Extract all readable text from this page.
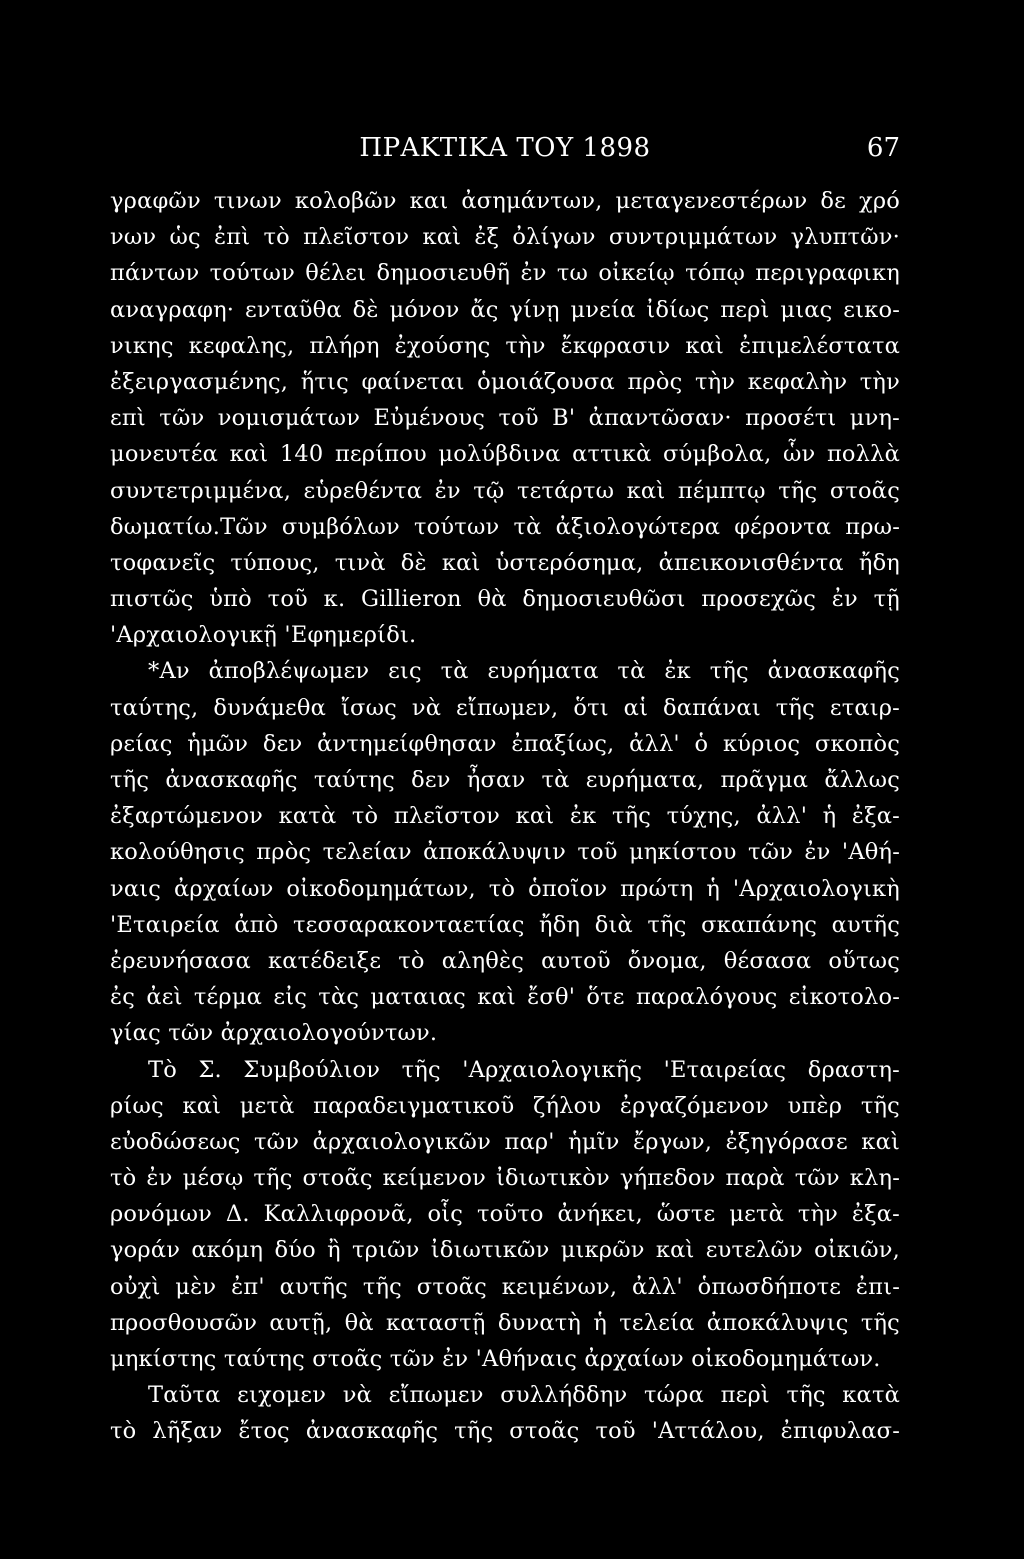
ΠΡΑΚΤΙΚΑ ΤΟΥ 1898	67
γραφῶν τινων κολοβῶν και ἀσημάντων, μεταγενεστέρων δε χρό
νων ὡς ἐπὶ τὸ πλεῖστον καὶ ἐξ ὀλίγων συντριμμάτων γλυπτῶν·
πάντων τούτων θέλει δημοσιευθῆ ἐν τω οἰκείῳ τόπῳ περιγραφικη
αναγραφη· ενταῦθα δὲ μόνον ἄς γίνῃ μνεία ἰδίως περὶ μιας εικο-
νικης κεφαλης, πλήρη ἐχούσης τὴν ἔκφρασιν καὶ ἐπιμελέστατα
ἐξειργασμένης, ἥτις φαίνεται ὁμοιάζουσα πρὸς τὴν κεφαλὴν τὴν
επὶ τῶν νομισμάτων Εὐμένους τοῦ Β' ἀπαντῶσαν· προσέτι μνη-
μονευτέα καὶ 140 περίπου μολύβδινα αττικὰ σύμβολα, ὧν πολλὰ
συντετριμμένα, εὑρεθέντα ἐν τῷ τετάρτω καὶ πέμπτῳ τῆς στοᾶς
δωματίω.Τῶν συμβόλων τούτων τὰ ἀξιολογώτερα φέροντα πρω-
τοφανεῖς τύπους, τινὰ δὲ καὶ ὑστερόσημα, ἀπεικονισθέντα ἤδη
πιστῶς ὑπὸ τοῦ κ. Gillieron θὰ δημοσιευθῶσι προσεχῶς ἐν τῇ
'Αρχαιολογικῇ 'Εφημερίδι.
*Αν ἀποβλέψωμεν εις τὰ ευρήματα τὰ ἐκ τῆς ἀνασκαφῆς
ταύτης, δυνάμεθα ἴσως νὰ εἴπωμεν, ὅτι αἱ δαπάναι τῆς εταιρ-
ρείας ἡμῶν δεν ἀντημείφθησαν ἐπαξίως, ἀλλ' ὁ κύριος σκοπὸς
τῆς ἀνασκαφῆς ταύτης δεν ἦσαν τὰ ευρήματα, πρᾶγμα ἄλλως
ἐξαρτώμενον κατὰ τὸ πλεῖστον καὶ ἐκ τῆς τύχης, ἀλλ' ἡ ἐξα-
κολούθησις πρὸς τελείαν ἀποκάλυψιν τοῦ μηκίστου τῶν ἐν 'Αθή-
ναις ἀρχαίων οἰκοδομημάτων, τὸ ὁποῖον πρώτη ἡ 'Αρχαιολογικὴ
'Εταιρεία ἀπὸ τεσσαρακονταετίας ἤδη διὰ τῆς σκαπάνης αυτῆς
ἐρευνήσασα κατέδειξε τὸ αληθὲς αυτοῦ ὄνομα, θέσασα οὕτως
ἐς ἀεὶ τέρμα εἰς τὰς ματαιας καὶ ἔσθ' ὅτε παραλόγους εἰκοτολο-
γίας τῶν ἀρχαιολογούντων.
Τὸ Σ. Συμβούλιον τῆς 'Αρχαιολογικῆς 'Εταιρείας δραστη-
ρίως καὶ μετὰ παραδειγματικοῦ ζήλου ἐργαζόμενον υπὲρ τῆς
εὐοδώσεως τῶν ἀρχαιολογικῶν παρ' ἡμῖν ἔργων, ἐξηγόρασε καὶ
τὸ ἐν μέσῳ τῆς στοᾶς κείμενον ἰδιωτικὸν γήπεδον παρὰ τῶν κλη-
ρονόμων Δ. Καλλιφρονᾶ, οἷς τοῦτο ἀνήκει, ὥστε μετὰ τὴν ἐξα-
γοράν ακόμη δύο ἢ τριῶν ἰδιωτικῶν μικρῶν καὶ ευτελῶν οἰκιῶν,
οὐχὶ μὲν ἐπ' αυτῆς τῆς στοᾶς κειμένων, ἀλλ' ὁπωσδήποτε ἐπι-
προσθουσῶν αυτῇ, θὰ καταστῇ δυνατὴ ἡ τελεία ἀποκάλυψις τῆς
μηκίστης ταύτης στοᾶς τῶν ἐν 'Αθήναις ἀρχαίων οἰκοδομημάτων.
Ταῦτα ειχομεν νὰ εἴπωμεν συλλήδδην τώρα περὶ τῆς κατὰ
τὸ λῆξαν ἔτος ἀνασκαφῆς τῆς στοᾶς τοῦ 'Αττάλου, ἐπιφυλασ-
